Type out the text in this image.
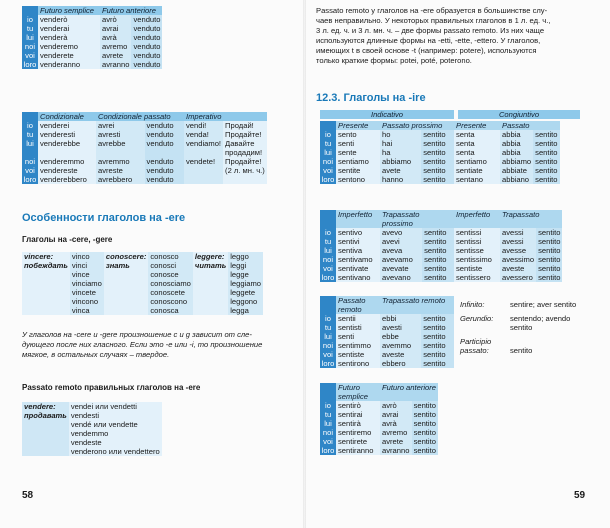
	Futuro semplice	Futuro anteriore	
io	venderò	avrò	venduto
tu	venderai	avrai	venduto
lui	venderà	avrà	venduto
noi	venderemo	avremo	venduto
voi	venderete	avrete	venduto
loro	venderanno	avranno	venduto
	Condizionale	Condizionale passato		Imperativo	
io	venderei	avrei	venduto	vendi!	Продай!
tu	venderesti	avresti	venduto	venda!	Продайте!
lui	venderebbe	avrebbe	venduto	vendiamo!	Давайте
					продадим!
noi	venderemmo	avremmo	venduto	vendete!	Продайте!
voi	vendereste	avreste	venduto		(2 л. мн. ч.)
loro	venderebbero	avrebbero	venduto		
Особенности глаголов на -ere
Глаголы на -cere, -gere
vincere:	vinco	conoscere:	conosco	leggere:	leggo
побеждать	vinci	знать	conosci	читать	leggi
	vince		conosce		legge
	vinciamo		conosciamo		leggiamo
	vincete		conoscete		leggete
	vincono		conoscono		leggono

	vinca		conosca		legga
У глаголов на -cere и -gere произношение с и g зависит от сле-
дующего после них гласного. Если это -е или -i, то произношение
мягкое, в остальных случаях – твердое.
Passato remoto правильных глаголов на -ere
vendere:	vendei или vendetti
продавать	vendesti
	vendé или vendette
	vendemmo
	vendeste
	venderono или vendettero
58
Passato remoto у глаголов на -ere образуется в большинстве слу-
чаев неправильно. У некоторых правильных глаголов в 1 л. ед. ч.,
3 л. ед. ч. и 3 л. мн. ч. – две формы passato remoto. Из них чаще
используются длинные формы на -etti, -ette, -ettero. У глаголов,
имеющих t в своей основе -t (например: potere), используются
только краткие формы: potei, poté, poterono.
12.3. Глаголы на -ire
Indicativo	Congiuntivo
	Presente	Passato prossimo		Presente	Passato	
io	sento	ho	sentito	senta	abbia	sentito
tu	senti	hai	sentito	senta	abbia	sentito
lui	sente	ha	sentito	senta	abbia	sentito
noi	sentiamo	abbiamo	sentito	sentiamo	abbiamo	sentito
voi	sentite	avete	sentito	sentiate	abbiate	sentito
loro	sentono	hanno	sentito	sentano	abbiano	sentito
	Imperfetto	Trapassato prossimo		Imperfetto	Trapassato	
io	sentivo	avevo	sentito	sentissi	avessi	sentito
tu	sentivi	avevi	sentito	sentissi	avessi	sentito
lui	sentiva	aveva	sentito	sentisse	avesse	sentito
noi	sentivamo	avevamo	sentito	sentissimo	avessimo	sentito
voi	sentivate	avevate	sentito	sentiste	aveste	sentito
loro	sentivano	avevano	sentito	sentissero	avessero	sentito
	Passato remoto	Trapassato remoto	
io	sentii	ebbi	sentito
tu	sentisti	avesti	sentito
lui	senti	ebbe	sentito
noi	sentimmo	avemmo	sentito
voi	sentiste	aveste	sentito
loro	sentirono	ebbero	sentito
Infinito:	sentire; aver sentito

Gerundio:	sentendo; avendo sentito

Participio passato:	sentito
	Futuro semplice	Futuro anteriore	
io	sentirò	avrò	sentito
tu	sentirai	avrai	sentito
lui	sentirà	avrà	sentito
noi	sentiremo	avremo	sentito
voi	sentirete	avrete	sentito
loro	sentiranno	avranno	sentito
59
